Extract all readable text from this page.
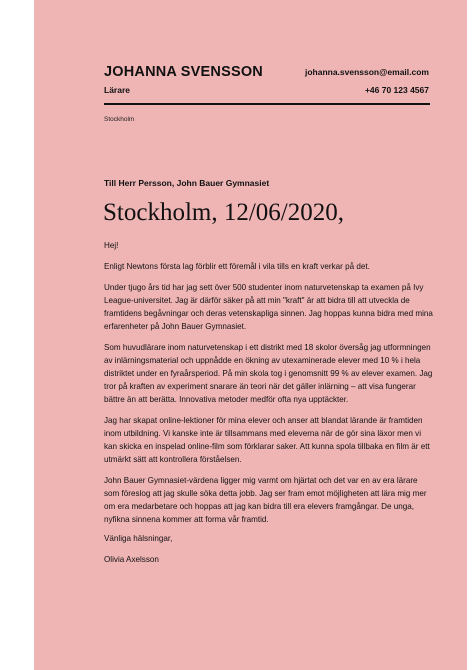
JOHANNA SVENSSON
Lärare
johanna.svensson@email.com
+46 70 123 4567
Stockholm
Till Herr Persson, John Bauer Gymnasiet
Stockholm, 12/06/2020,

Hej!

Enligt Newtons första lag förblir ett föremål i vila tills en kraft verkar på det.

Under tjugo års tid har jag sett över 500 studenter inom naturvetenskap ta examen på Ivy League-universitet. Jag är därför säker på att min "kraft" är att bidra till att utveckla de framtidens begåvningar och deras vetenskapliga sinnen. Jag hoppas kunna bidra med mina erfarenheter på John Bauer Gymnasiet.

Som huvudlärare inom naturvetenskap i ett distrikt med 18 skolor översåg jag utformningen av inlärningsmaterial och uppnådde en ökning av utexaminerade elever med 10 % i hela distriktet under en fyraårsperiod. På min skola tog i genomsnitt 99 % av elever examen. Jag tror på kraften av experiment snarare än teori när det gäller inlärning – att visa fungerar bättre än att berätta. Innovativa metoder medför ofta nya upptäckter.

Jag har skapat online-lektioner för mina elever och anser att blandat lärande är framtiden inom utbildning. Vi kanske inte är tillsammans med eleverna när de gör sina läxor men vi kan skicka en inspelad online-film som förklarar saker. Att kunna spola tillbaka en film är ett utmärkt sätt att kontrollera förståelsen.

John Bauer Gymnasiet-värdena ligger mig varmt om hjärtat och det var en av era lärare som föreslog att jag skulle söka detta jobb. Jag ser fram emot möjligheten att lära mig mer om era medarbetare och hoppas att jag kan bidra till era elevers framgångar. De unga, nyfikna sinnena kommer att forma vår framtid.

Vänliga hälsningar,

Olivia Axelsson
